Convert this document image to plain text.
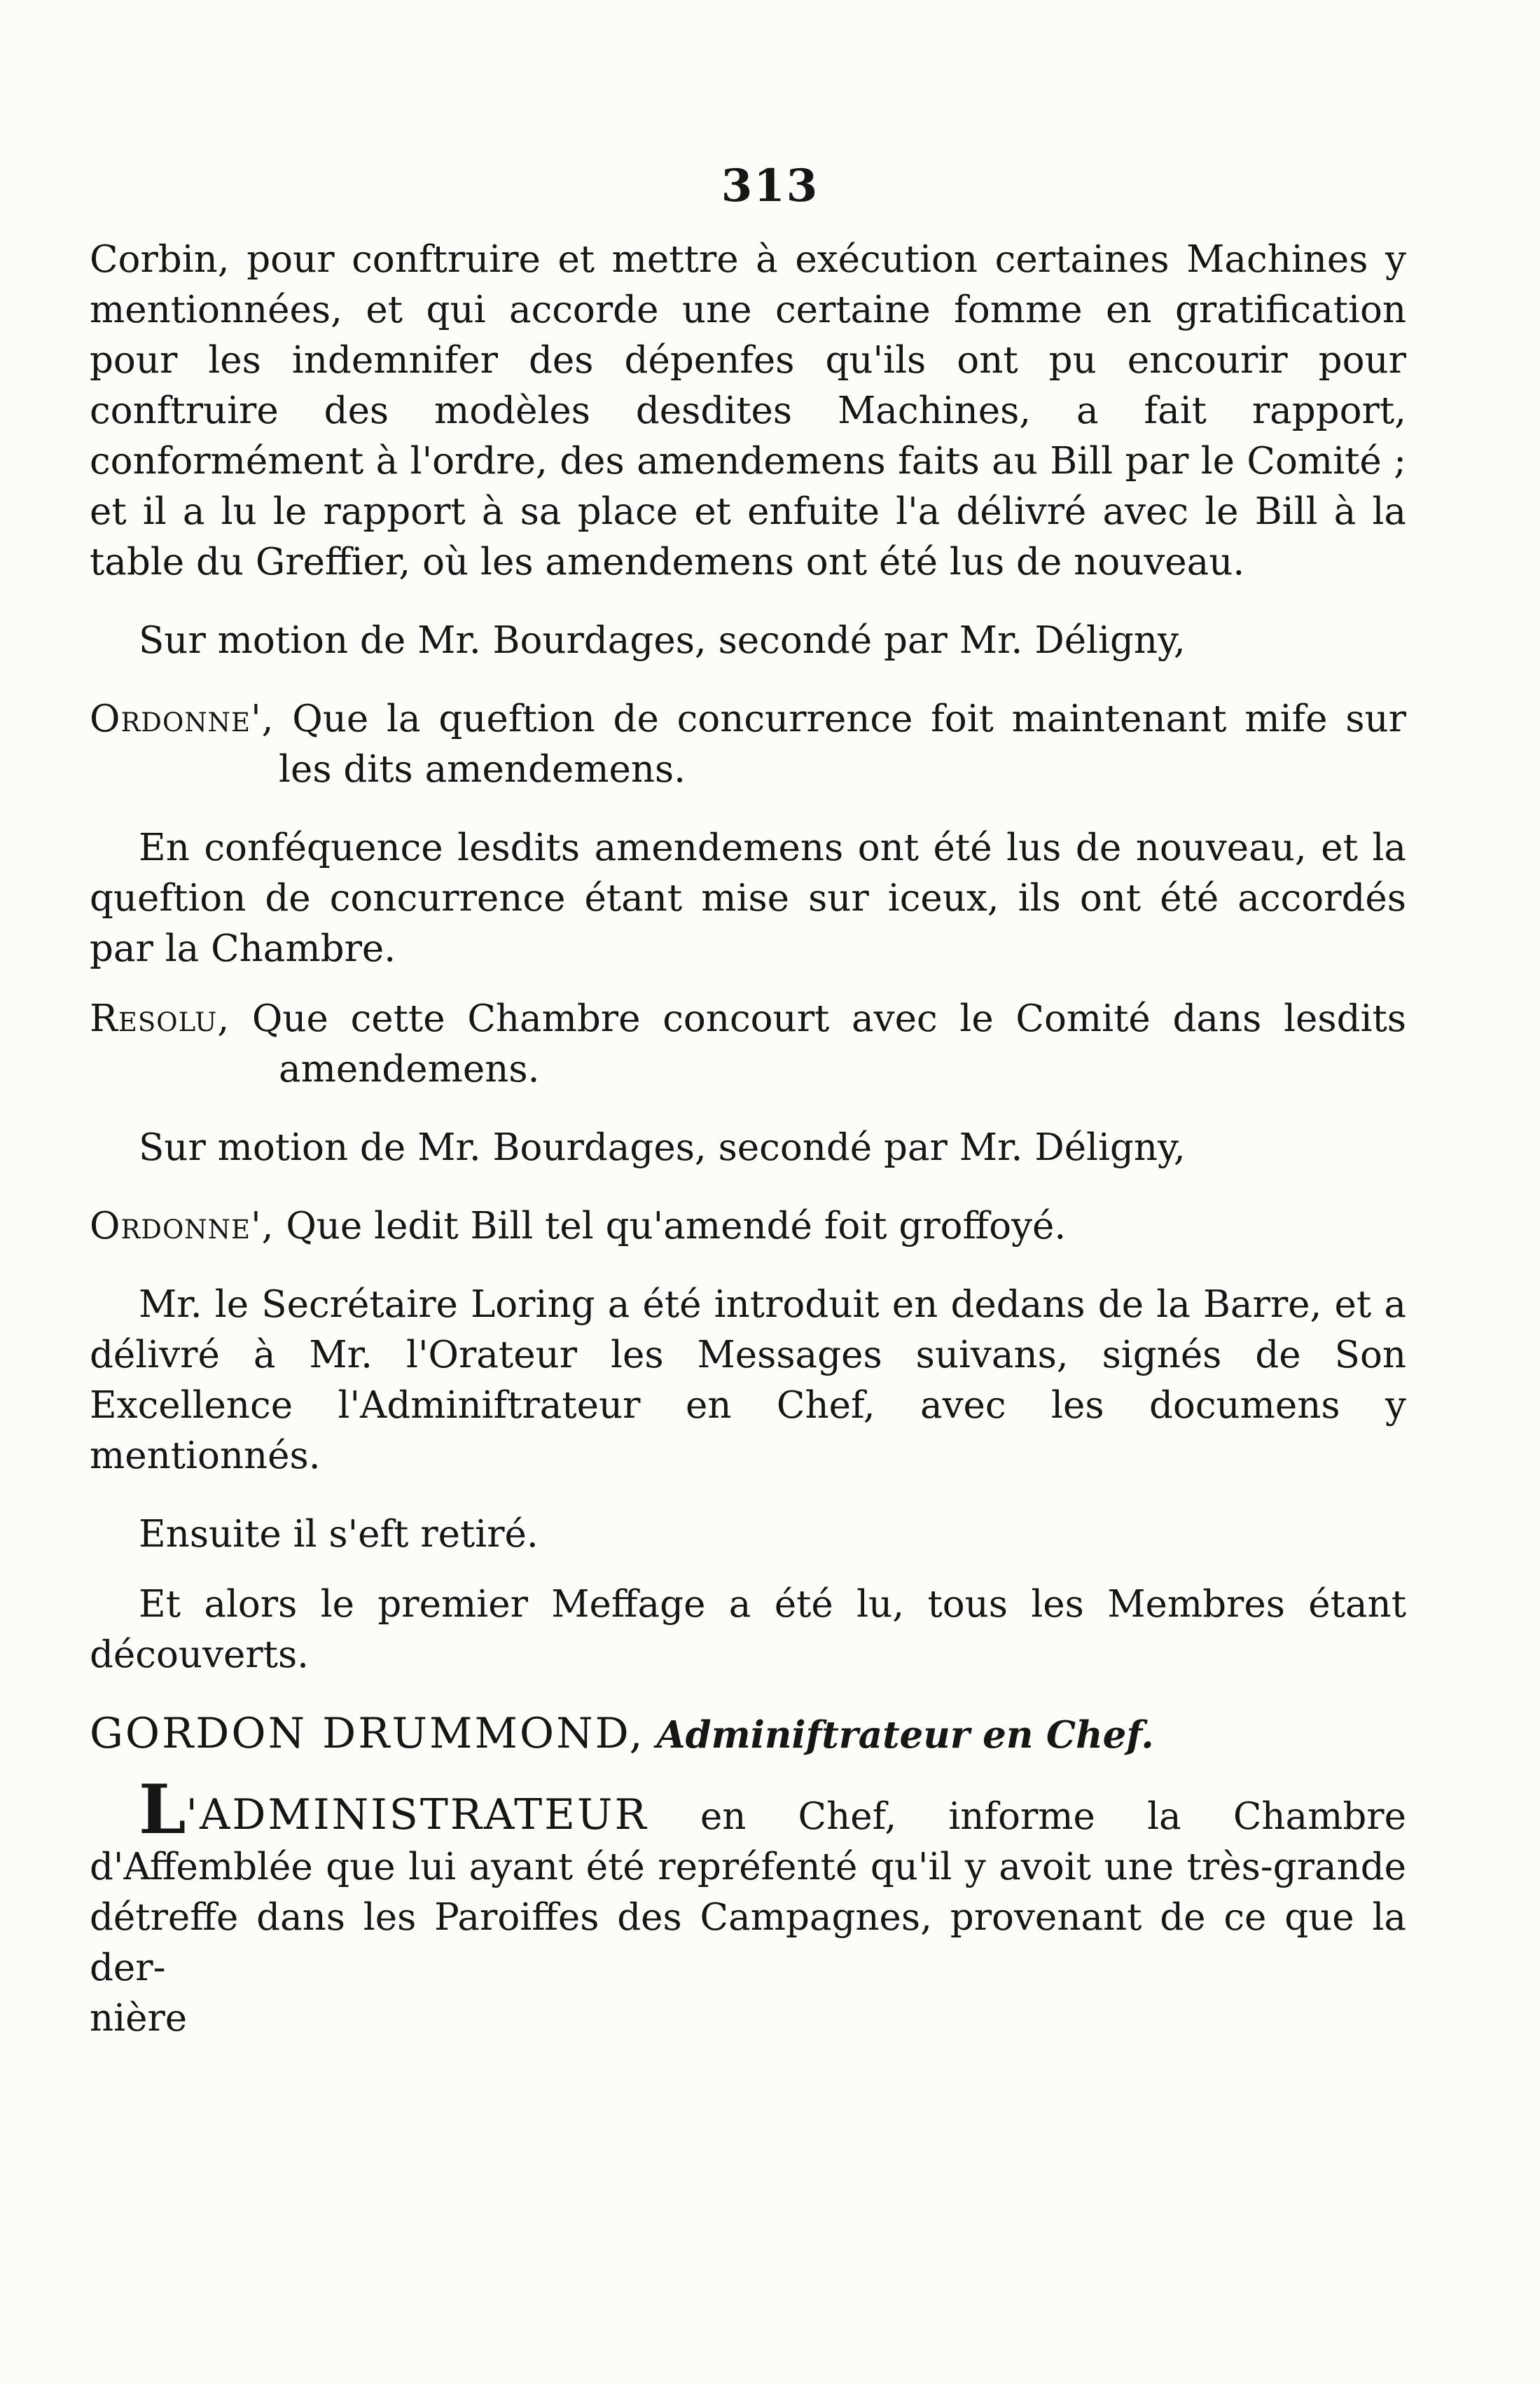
313

Corbin, pour conftruire et mettre à exécution certaines Machines y mentionnées, et qui accorde une certaine fomme en gratification pour les indemnifer des dépenfes qu'ils ont pu encourir pour conftruire des modèles desdites Machines, a fait rapport, conformément à l'ordre, des amendemens faits au Bill par le Comité ; et il a lu le rapport à sa place et enfuite l'a délivré avec le Bill à la table du Greffier, où les amendemens ont été lus de nouveau.

Sur motion de Mr. Bourdages, secondé par Mr. Déligny,

Ordonne', Que la queftion de concurrence foit maintenant mife sur les dits amendemens.

En conféquence lesdits amendemens ont été lus de nouveau, et la queftion de concurrence étant mise sur iceux, ils ont été accordés par la Chambre.

Resolu, Que cette Chambre concourt avec le Comité dans lesdits amendemens.

Sur motion de Mr. Bourdages, secondé par Mr. Déligny,

Ordonne', Que ledit Bill tel qu'amendé foit groffoyé.

Mr. le Secrétaire Loring a été introduit en dedans de la Barre, et a délivré à Mr. l'Orateur les Messages suivans, signés de Son Excellence l'Adminiftrateur en Chef, avec les documens y mentionnés.

Ensuite il s'eft retiré.

Et alors le premier Meffage a été lu, tous les Membres étant découverts.

GORDON DRUMMOND, Adminiftrateur en Chef.

L'ADMINISTRATEUR en Chef, informe la Chambre d'Affemblée que lui ayant été repréfenté qu'il y avoit une très-grande détreffe dans les Paroiffes des Campagnes, provenant de ce que la der-

nière
